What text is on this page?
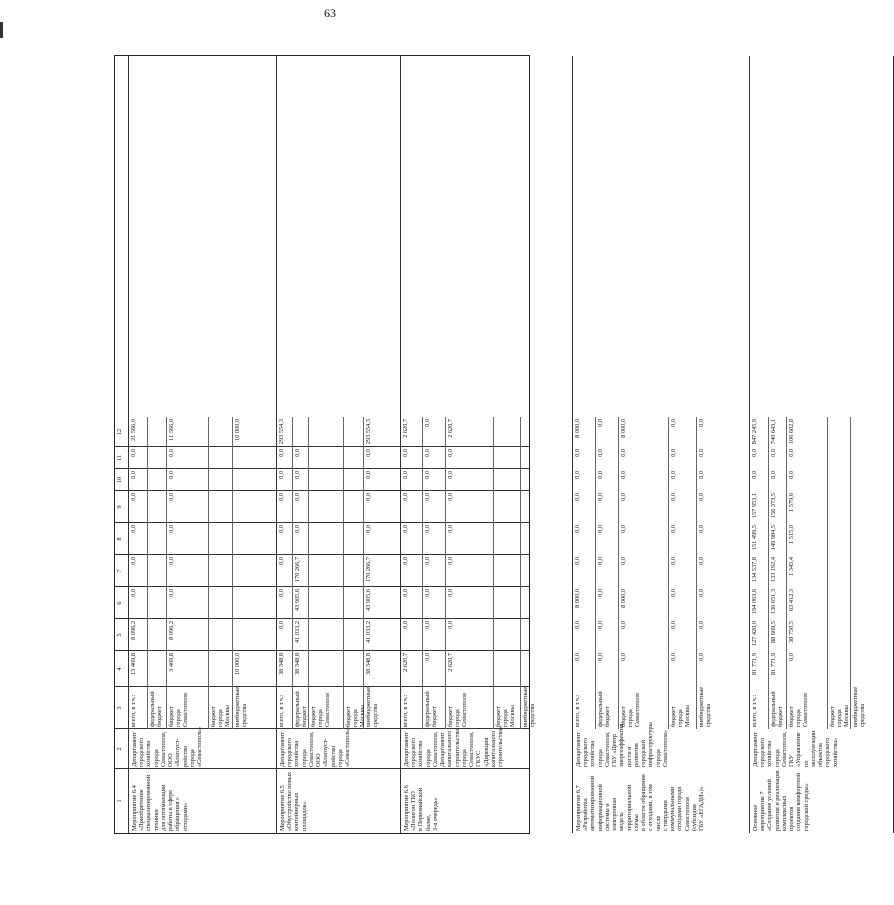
63
1
2
3
4
5
6
7
8
9
10
11
12
Мероприятие 6.4
«Приобретение
специализированной
техники
для оптимизации
работы в сфере
обращения с отходами»
Департамент
городского
хозяйства города
Севастополя,
ООО «Благоуст-
ройство города
«Севастополь»
всего, в т.ч.:
13 469,8
8 096,2
0,0
0,0
0,0
0,0
0,0
0,0
21 566,0
федеральный бюджет бюджет города
Севастополя
3 469,8
8 096,2
0,0
0,0
0,0
0,0
0,0
0,0
11 566,0
бюджет города Москвы внебюджетные средства
10 000,0
10 000,0
Мероприятие 6.5
«Обустройство новых
контейнерных
площадок»
Департамент
городского
хозяйства города
Севастополя,
ООО «Благоуст-
ройство города
«Севастополь»
всего, в т.ч.:
38 348,8
0,0
0,0
0,0
0,0
0,0
0,0
0,0
293 554,3
федеральный бюджет
38 348,8
41 033,2
43 905,6
170 266,7
0,0
0,0
0,0
0,0
бюджет города
Севастополя	бюджет города Москвы
внебюджетные средства
38 348,8
41 033,2
43 905,6
170 266,7
0,0
0,0
0,0
0,0
293 554,3
Мероприятие 6.6
«Полигон ТБО
в Первомайской балке,
3-я очередь»
Департамент
городского
хозяйства города
Севастополя,
Департамент
капитального
строительства
города
Севастополя,
ГКУС «Дирекция
капитального
строительства»
всего, в т.ч.:
2 620,7
0,0
0,0
0,0
0,0
0,0
0,0
0,0
2 620,7
федеральный бюджет
0,0
0,0
0,0
0,0
0,0
0,0
0,0
0,0
0,0
бюджет города
Севастополя
2 620,7
0,0
0,0
0,0
0,0
0,0
0,0
0,0
2 620,7
бюджет города Москвы внебюджетные средства
Мероприятие 6.7
«Разработка
автоматизированной
информационной
системы и электронная
модель
территориальной схемы
в области обращения
с отходами, в том числе
с твердыми
коммунальными
отходами города
Севастополя (субсидия
ГБУ «ЕГАДИ»)»
Департамент
городского
хозяйства города
Севастополя,
ГБУ «Центр
энергоэффектив-
ности и развития
городской
инфраструктуры
города
Севастополя»
всего, в т.ч.:
0,0
0,0
8 000,0
0,0
0,0
0,0
0,0
0,0
8 000,0
федеральный бюджет
0,0
0,0
0,0
0,0
0,0
0,0
0,0
0,0
0,0
бюджет города
Севастополя
0,0
0,0
8 000,0
0,0
0,0
0,0
0,0
0,0
8 000,0
бюджет города Москвы
0,0
0,0
0,0
0,0
0,0
0,0
0,0
0,0
0,0
внебюджетные средства
0,0
0,0
0,0
0,0
0,0
0,0
0,0
0,0
0,0
Основное
мероприятие 7
«Создание условий
развития и реализация
комплексных проектов
создания комфортной
городской среды»
Департамент
городского
хозяйства города
Севастополя,
ГКУ «Управление
по эксплуатации
объектов городского
хозяйства»
всего, в т.ч.:
81 771,9
127 420,0
194 063,6
134 537,8
151 499,5
157 953,1
0,0
0,0
847 245,9
федеральный бюджет
81 771,9
88 669,5
130 651,3
133 192,4
149 984,5
156 373,5
0,0
0,0
740 643,1
бюджет города
Севастополя
0,0
38 750,5
63 412,3
1 345,4
1 515,0
1 579,6
0,0
0,0
106 602,8
бюджет города Москвы внебюджетные средства
